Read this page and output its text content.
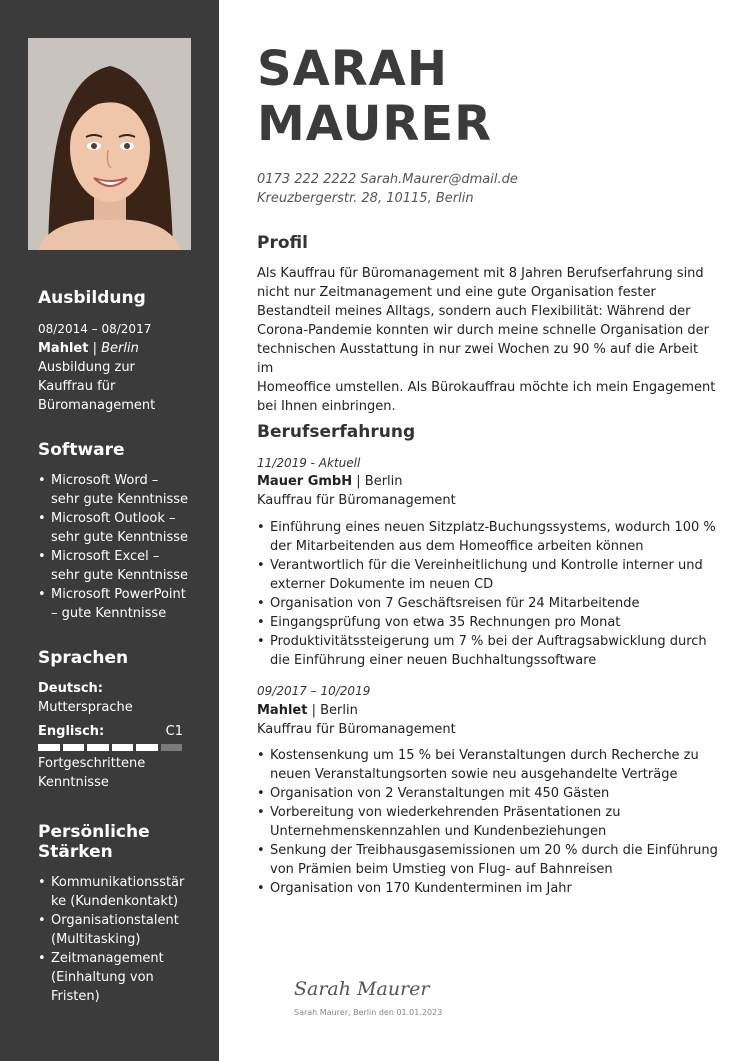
Ausbildung
08/2014 – 08/2017
Mahlet | Berlin
Ausbildung zur
Kauffrau für
Büromanagement
Software
• Microsoft Word –
sehr gute Kenntnisse
• Microsoft Outlook –
sehr gute Kenntnisse
• Microsoft Excel –
sehr gute Kenntnisse
• Microsoft PowerPoint
– gute Kenntnisse
Sprachen
Deutsch:
Muttersprache
Englisch:	C1
Fortgeschrittene
Kenntnisse
Persönliche
Stärken
• Kommunikationsstär
ke (Kundenkontakt)
• Organisationstalent
(Multitasking)
• Zeitmanagement
(Einhaltung von
Fristen)
SARAH
MAURER
0173 222 2222 Sarah.Maurer@dmail.de
Kreuzbergerstr. 28, 10115, Berlin
Profil
Als Kauffrau für Büromanagement mit 8 Jahren Berufserfahrung sind
nicht nur Zeitmanagement und eine gute Organisation fester
Bestandteil meines Alltags, sondern auch Flexibilität: Während der
Corona-Pandemie konnten wir durch meine schnelle Organisation der
technischen Ausstattung in nur zwei Wochen zu 90 % auf die Arbeit im
Homeoffice umstellen. Als Bürokauffrau möchte ich mein Engagement
bei Ihnen einbringen.
Berufserfahrung
11/2019 - Aktuell
Mauer GmbH | Berlin
Kauffrau für Büromanagement
• Einführung eines neuen Sitzplatz-Buchungssystems, wodurch 100 %
der Mitarbeitenden aus dem Homeoffice arbeiten können
• Verantwortlich für die Vereinheitlichung und Kontrolle interner und
externer Dokumente im neuen CD
• Organisation von 7 Geschäftsreisen für 24 Mitarbeitende
• Eingangsprüfung von etwa 35 Rechnungen pro Monat
• Produktivitätssteigerung um 7 % bei der Auftragsabwicklung durch
die Einführung einer neuen Buchhaltungssoftware
09/2017 – 10/2019
Mahlet | Berlin
Kauffrau für Büromanagement
• Kostensenkung um 15 % bei Veranstaltungen durch Recherche zu
neuen Veranstaltungsorten sowie neu ausgehandelte Verträge
• Organisation von 2 Veranstaltungen mit 450 Gästen
• Vorbereitung von wiederkehrenden Präsentationen zu
Unternehmenskennzahlen und Kundenbeziehungen
• Senkung der Treibhausgasemissionen um 20 % durch die Einführung
von Prämien beim Umstieg von Flug- auf Bahnreisen
• Organisation von 170 Kundenterminen im Jahr
Sarah Maurer
Sarah Maurer, Berlin den 01.01.2023
